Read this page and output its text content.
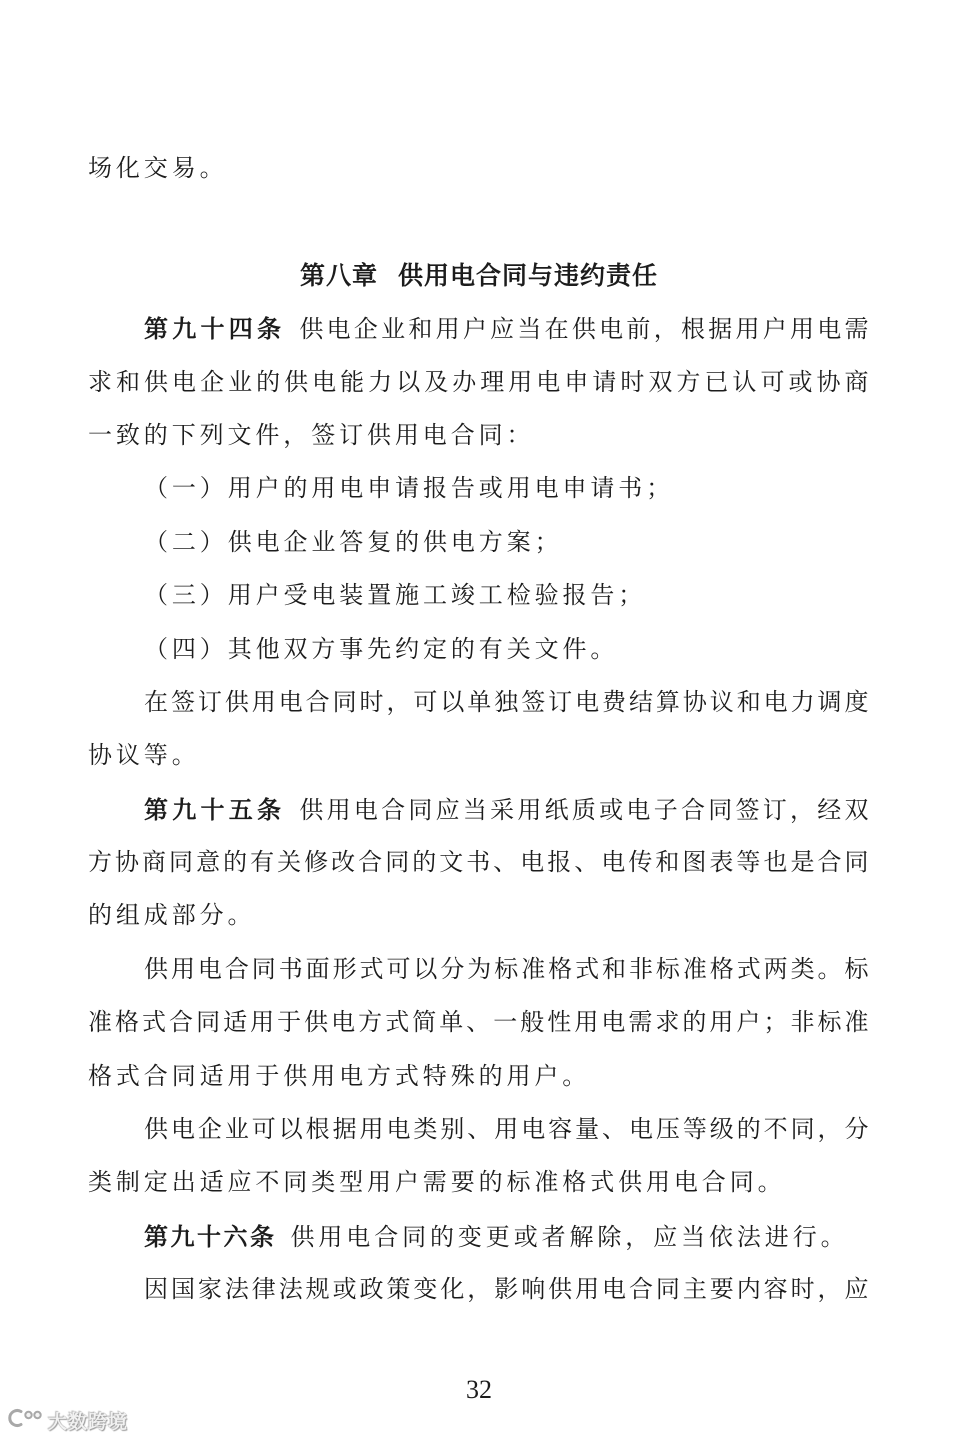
场化交易。
第八章 供用电合同与违约责任
第九十四条 供电企业和用户应当在供电前，根据用户用电需
求和供电企业的供电能力以及办理用电申请时双方已认可或协商
一致的下列文件，签订供用电合同：
（一）用户的用电申请报告或用电申请书；
（二）供电企业答复的供电方案；
（三）用户受电装置施工竣工检验报告；
（四）其他双方事先约定的有关文件。
在签订供用电合同时，可以单独签订电费结算协议和电力调度
协议等。
第九十五条 供用电合同应当采用纸质或电子合同签订，经双
方协商同意的有关修改合同的文书、电报、电传和图表等也是合同
的组成部分。
供用电合同书面形式可以分为标准格式和非标准格式两类。标
准格式合同适用于供电方式简单、一般性用电需求的用户；非标准
格式合同适用于供用电方式特殊的用户。
供电企业可以根据用电类别、用电容量、电压等级的不同，分
类制定出适应不同类型用户需要的标准格式供用电合同。
第九十六条 供用电合同的变更或者解除，应当依法进行。
因国家法律法规或政策变化，影响供用电合同主要内容时，应
32
大数跨境
